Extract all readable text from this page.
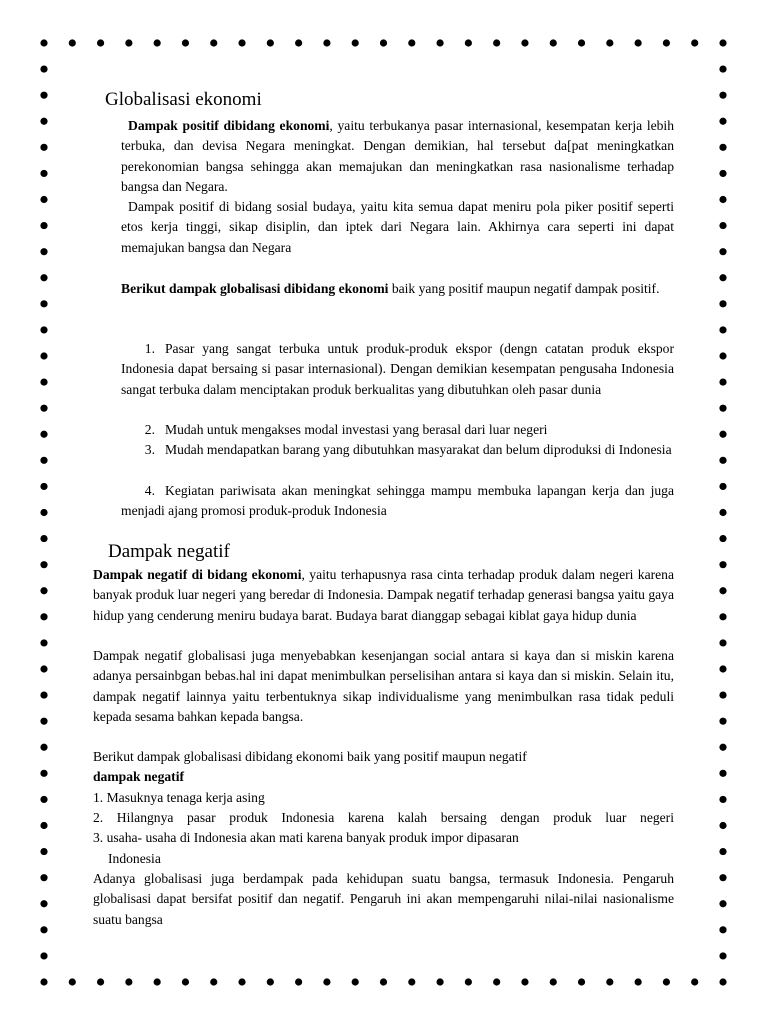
Globalisasi ekonomi

Dampak positif dibidang ekonomi, yaitu terbukanya pasar internasional, kesempatan kerja lebih terbuka, dan devisa Negara meningkat. Dengan demikian, hal tersebut da[pat meningkatkan perekonomian bangsa sehingga akan memajukan dan meningkatkan rasa nasionalisme terhadap bangsa dan Negara.

Dampak positif di bidang sosial budaya, yaitu kita semua dapat meniru pola piker positif seperti etos kerja tinggi, sikap disiplin, dan iptek dari Negara lain. Akhirnya cara seperti ini dapat memajukan bangsa dan Negara

Berikut dampak globalisasi dibidang ekonomi baik yang positif maupun negatif dampak positif.

1. Pasar yang sangat terbuka untuk produk-produk ekspor (dengn catatan produk ekspor Indonesia dapat bersaing si pasar internasional). Dengan demikian kesempatan pengusaha Indonesia sangat terbuka dalam menciptakan produk berkualitas yang dibutuhkan oleh pasar dunia

2. Mudah untuk mengakses modal investasi yang berasal dari luar negeri

3. Mudah mendapatkan barang yang dibutuhkan masyarakat dan belum diproduksi di Indonesia

4. Kegiatan pariwisata akan meningkat sehingga mampu membuka lapangan kerja dan juga menjadi ajang promosi produk-produk Indonesia

Dampak negatif

Dampak negatif di bidang ekonomi, yaitu terhapusnya rasa cinta terhadap produk dalam negeri karena banyak produk luar negeri yang beredar di Indonesia. Dampak negatif terhadap generasi bangsa yaitu gaya hidup yang cenderung meniru budaya barat. Budaya barat dianggap sebagai kiblat gaya hidup dunia

Dampak negatif globalisasi juga menyebabkan kesenjangan social antara si kaya dan si miskin karena adanya persainbgan bebas.hal ini dapat menimbulkan perselisihan antara si kaya dan si miskin. Selain itu, dampak negatif lainnya yaitu terbentuknya sikap individualisme yang menimbulkan rasa tidak peduli kepada sesama bahkan kepada bangsa.

Berikut dampak globalisasi dibidang ekonomi baik yang positif maupun negatif

dampak negatif

1. Masuknya tenaga kerja asing

2. Hilangnya pasar produk Indonesia karena kalah bersaing dengan produk luar negeri

3. usaha- usaha di Indonesia akan mati karena banyak produk impor dipasaran

Indonesia

Adanya globalisasi juga berdampak pada kehidupan suatu bangsa, termasuk Indonesia. Pengaruh globalisasi dapat bersifat positif dan negatif. Pengaruh ini akan mempengaruhi nilai-nilai nasionalisme suatu bangsa
